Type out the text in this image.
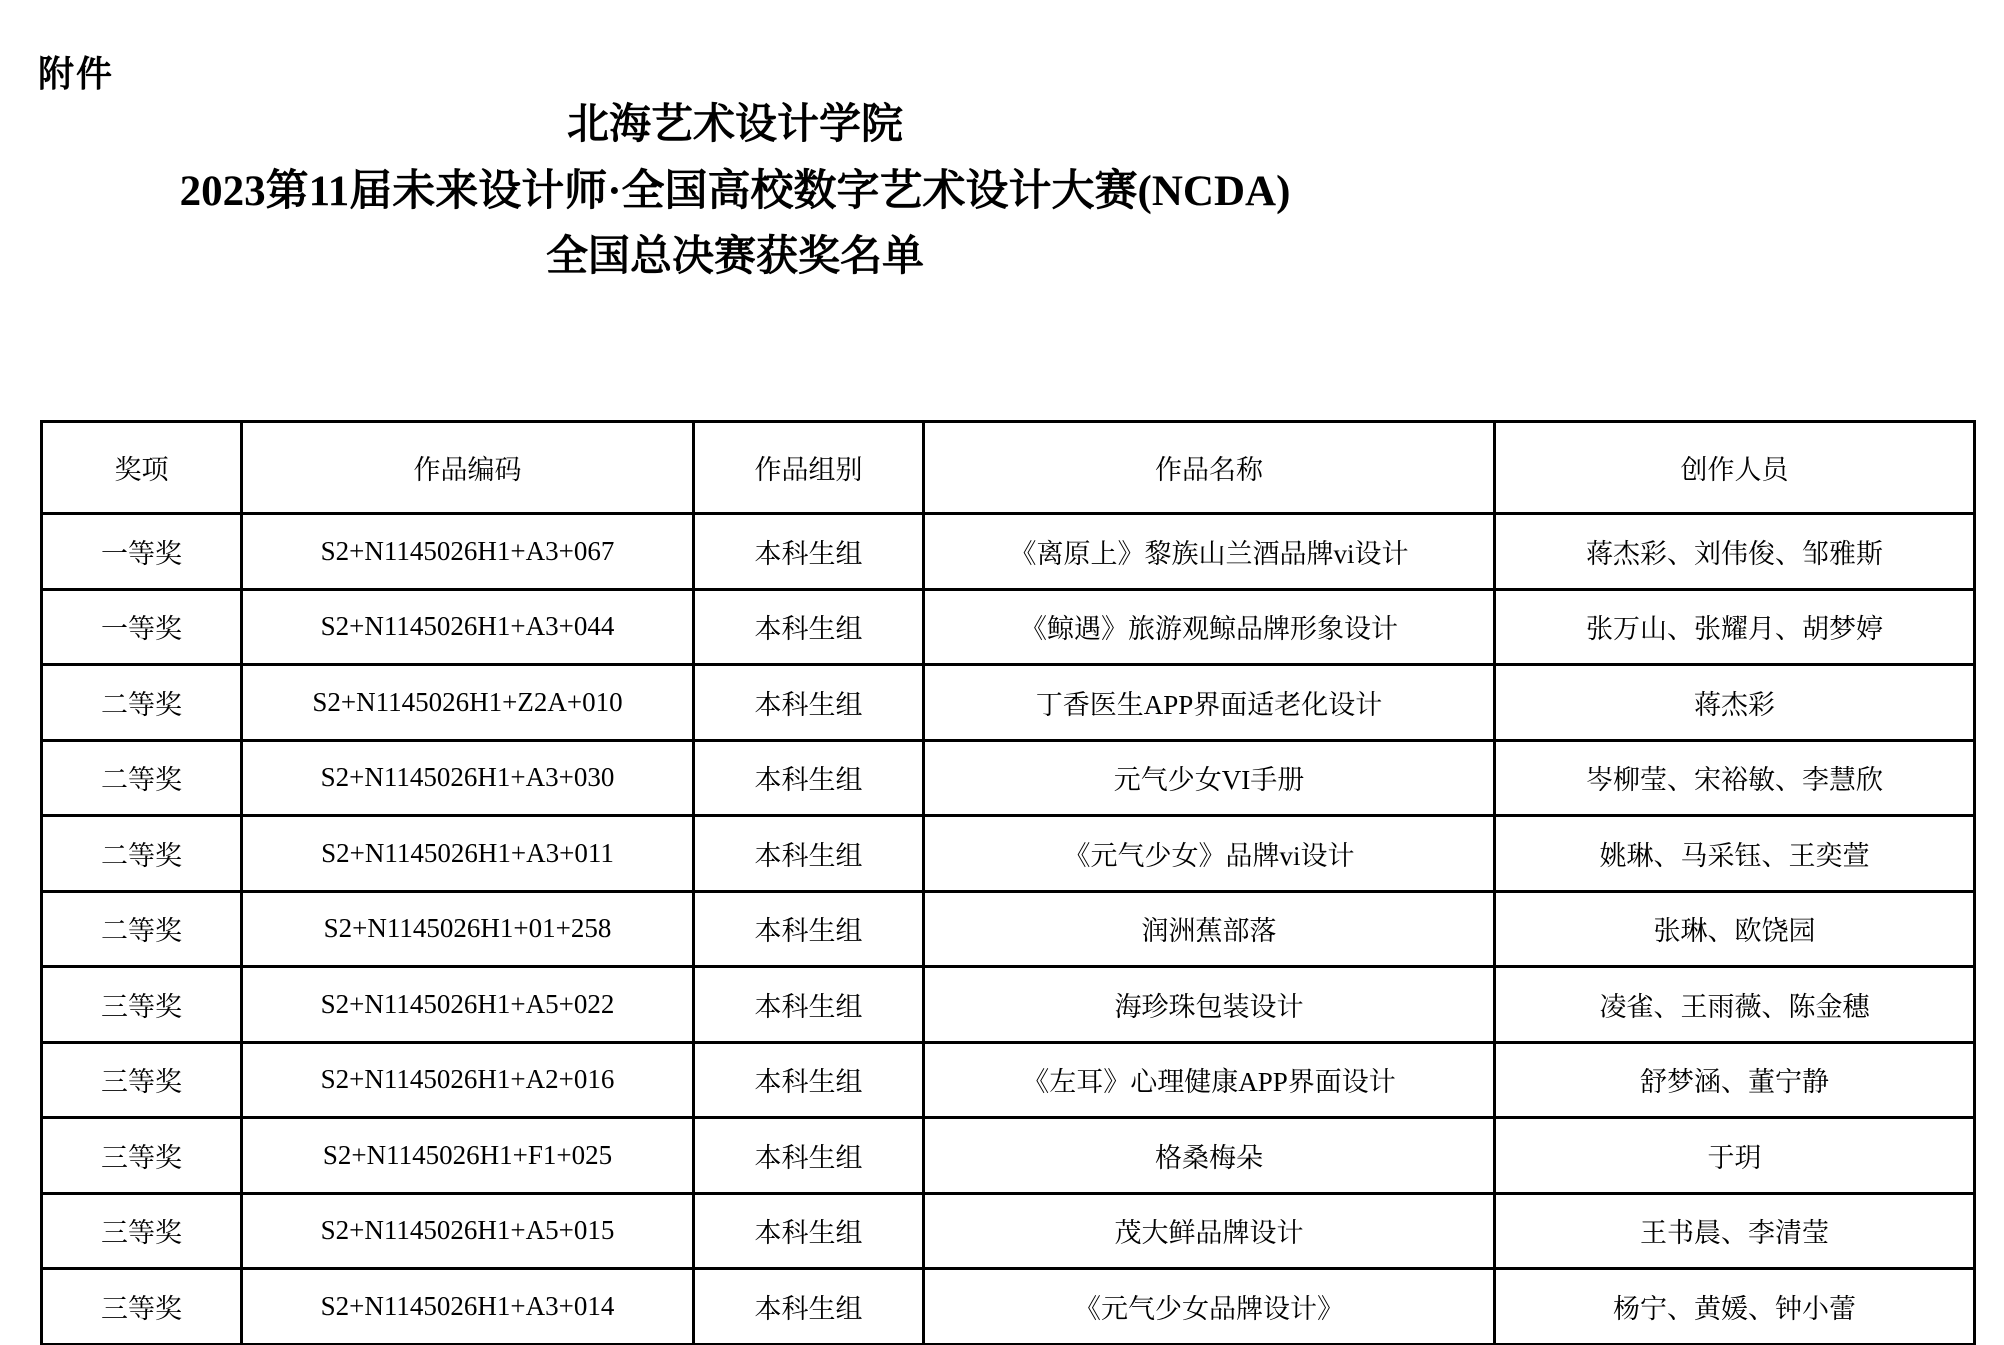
附件
北海艺术设计学院
2023第11届未来设计师·全国高校数字艺术设计大赛(NCDA)
全国总决赛获奖名单
奖项	作品编码	作品组别	作品名称	创作人员
一等奖	S2+N1145026H1+A3+067	本科生组	《离原上》黎族山兰酒品牌vi设计	蒋杰彩、刘伟俊、邹雅斯
一等奖	S2+N1145026H1+A3+044	本科生组	《鲸遇》旅游观鲸品牌形象设计	张万山、张耀月、胡梦婷
二等奖	S2+N1145026H1+Z2A+010	本科生组	丁香医生APP界面适老化设计	蒋杰彩
二等奖	S2+N1145026H1+A3+030	本科生组	元气少女VI手册	岑柳莹、宋裕敏、李慧欣
二等奖	S2+N1145026H1+A3+011	本科生组	《元气少女》品牌vi设计	姚琳、马采钰、王奕萱
二等奖	S2+N1145026H1+01+258	本科生组	润洲蕉部落	张琳、欧饶园
三等奖	S2+N1145026H1+A5+022	本科生组	海珍珠包装设计	凌雀、王雨薇、陈金穗
三等奖	S2+N1145026H1+A2+016	本科生组	《左耳》心理健康APP界面设计	舒梦涵、董宁静
三等奖	S2+N1145026H1+F1+025	本科生组	格桑梅朵	于玥
三等奖	S2+N1145026H1+A5+015	本科生组	茂大鲜品牌设计	王书晨、李清莹
三等奖	S2+N1145026H1+A3+014	本科生组	《元气少女品牌设计》	杨宁、黄媛、钟小蕾
